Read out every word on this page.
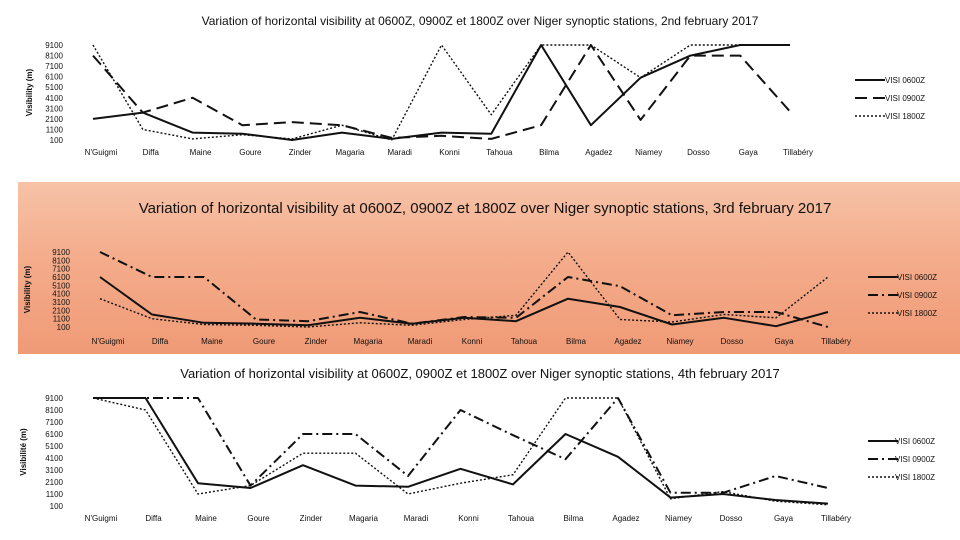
Variation of horizontal visibility at 0600Z, 0900Z et 1800Z over Niger synoptic stations, 2nd february 2017
9100
8100
7100
6100
5100
4100
3100
2100
1100
100
Visibility (m)
N'Guigmi	Diffa	Maine	Goure	Zinder	Magaria	Maradi	Konni	Tahoua	Bilma	Agadez	Niamey	Dosso	Gaya	Tillabéry
VISI 0600Z
VISI 0900Z
VISI 1800Z
Variation of horizontal visibility at 0600Z, 0900Z et 1800Z over Niger synoptic stations, 3rd february 2017
9100
8100
7100
6100
5100
4100
3100
2100
1100
100
Visibility (m)
N'Guigmi	Diffa	Maine	Goure	Zinder	Magaria	Maradi	Konni	Tahoua	Bilma	Agadez	Niamey	Dosso	Gaya	Tillabéry
VISI 0600Z
VISI 0900Z
VISI 1800Z
Variation of horizontal visibility at 0600Z, 0900Z et 1800Z over Niger synoptic stations, 4th february 2017
9100
8100
7100
6100
5100
4100
3100
2100
1100
100
Visibilité (m)
N'Guigmi	Diffa	Maine	Goure	Zinder	Magaria	Maradi	Konni	Tahoua	Bilma	Agadez	Niamey	Dosso	Gaya	Tillabéry
VISI 0600Z
VISI 0900Z
VISI 1800Z
